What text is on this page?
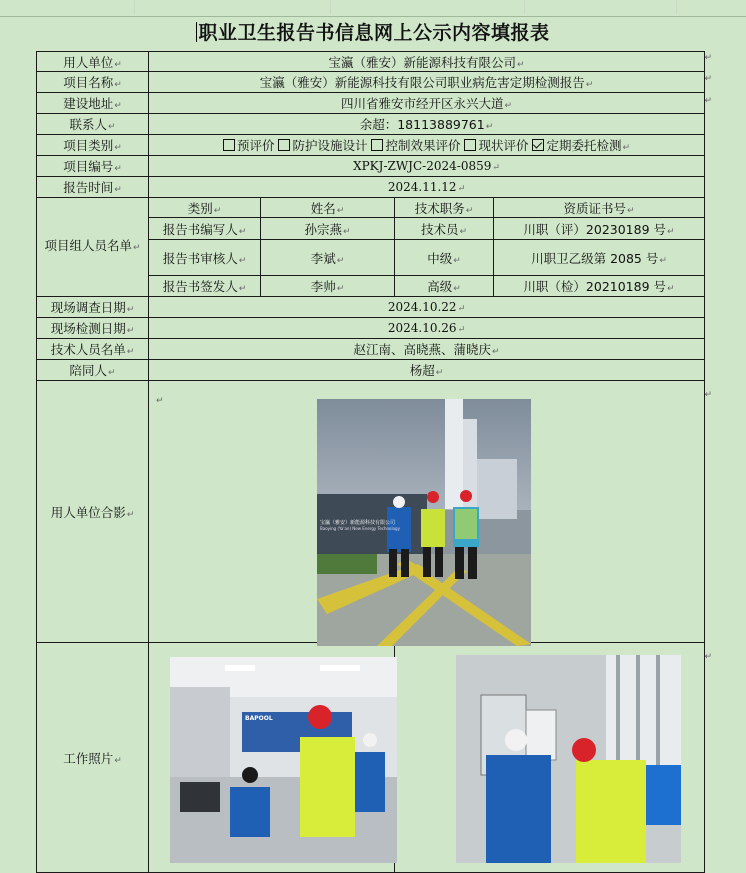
职业卫生报告书信息网上公示内容填报表
用人单位↵	宝瀛（雅安）新能源科技有限公司↵			
项目名称↵	宝瀛（雅安）新能源科技有限公司职业病危害定期检测报告↵			
建设地址↵	四川省雅安市经开区永兴大道↵			
联系人↵	余超：18113889761↵			
项目类别↵	预评价 防护设施设计 控制效果评价 现状评价 定期委托检测↵			
项目编号↵	XPKJ-ZWJC-2024-0859↵			
报告时间↵	2024.11.12↵			
项目组人员名单↵	类别↵	姓名↵	技术职务↵	资质证书号↵
	报告书编写人↵	孙宗燕↵	技术员↵	川职（评）20230189 号↵
	报告书审核人↵	李斌↵	中级↵	川职卫乙级第 2085 号↵
	报告书签发人↵	李帅↵	高级↵	川职（检）20210189 号↵
现场调查日期↵	2024.10.22↵			
现场检测日期↵	2024.10.26↵			
技术人员名单↵	赵江南、高晓燕、蒲晓庆↵			
陪同人↵	杨超↵			
用人单位合影↵				
工作照片↵				
↵
↵
↵
↵
↵
↵
宝瀛（雅安）新能源科技有限公司
Baoying (Ya'an) New Energy Technology
BAPOOL
